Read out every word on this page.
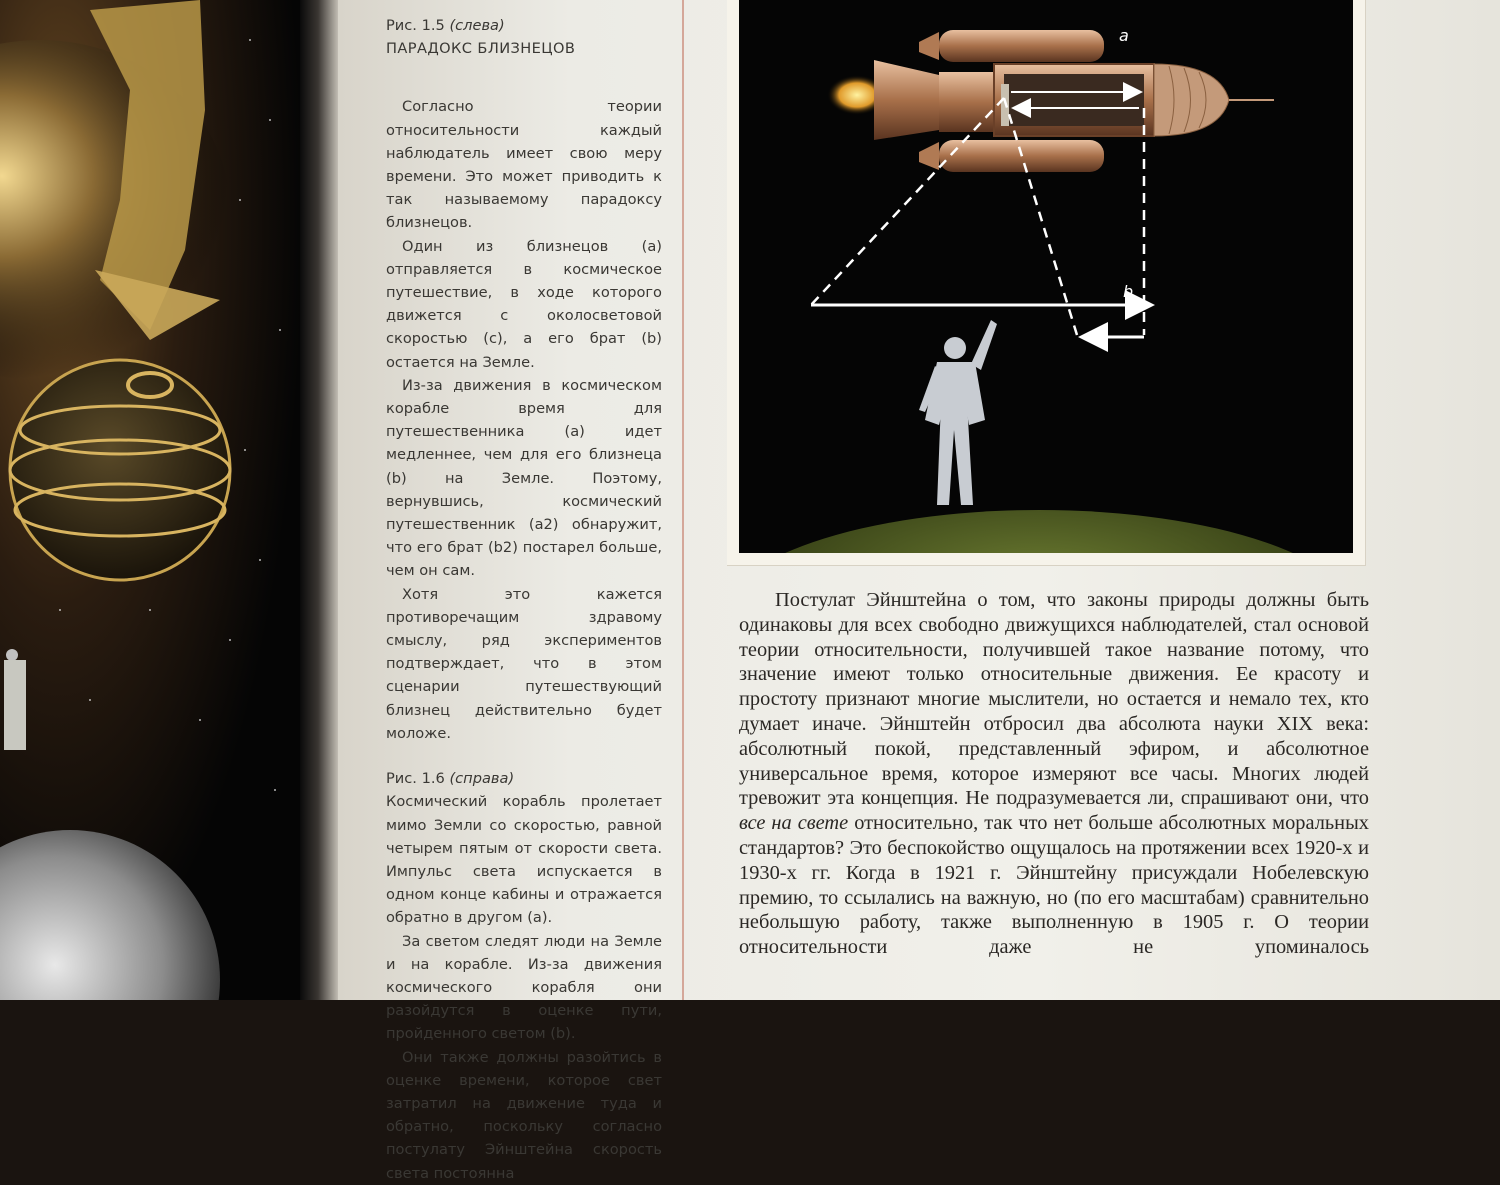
Рис. 1.5 (слева)
ПАРАДОКС БЛИЗНЕЦОВ

Согласно теории относительности каждый наблюдатель имеет свою меру времени. Это может приводить к так называемому парадоксу близнецов.

Один из близнецов (a) отправляется в космическое путешествие, в ходе которого движется с околосветовой скоростью (c), а его брат (b) остается на Земле.

Из-за движения в космическом корабле время для путешественника (a) идет медленнее, чем для его близнеца (b) на Земле. Поэтому, вернувшись, космический путешественник (a2) обнаружит, что его брат (b2) постарел больше, чем он сам.

Хотя это кажется противоречащим здравому смыслу, ряд экспериментов подтверждает, что в этом сценарии путешествующий близнец действительно будет моложе.

Рис. 1.6 (справа)

Космический корабль пролетает мимо Земли со скоростью, равной четырем пятым от скорости света. Импульс света испускается в одном конце кабины и отражается обратно в другом (a).

За светом следят люди на Земле и на корабле. Из-за движения космического корабля они разойдутся в оценке пути, пройденного светом (b).

Они также должны разойтись в оценке времени, которое свет затратил на движение туда и обратно, поскольку согласно постулату Эйнштейна скорость света постоянна

a
b

Постулат Эйнштейна о том, что законы природы должны быть одинаковы для всех свободно движущихся наблюдателей, стал основой теории относительности, получившей такое название потому, что значение имеют только относительные движения. Ее красоту и простоту признают многие мыслители, но остается и немало тех, кто думает иначе. Эйнштейн отбросил два абсолюта науки XIX века: абсолютный покой, представленный эфиром, и абсолютное универсальное время, которое измеряют все часы. Многих людей тревожит эта концепция. Не подразумевается ли, спрашивают они, что все на свете относительно, так что нет больше абсолютных моральных стандартов? Это беспокойство ощущалось на протяжении всех 1920-х и 1930-х гг. Когда в 1921 г. Эйнштейну присуждали Нобелевскую премию, то ссылались на важную, но (по его масштабам) сравнительно небольшую работу, также выполненную в 1905 г. О теории относительности даже не упоминалось
